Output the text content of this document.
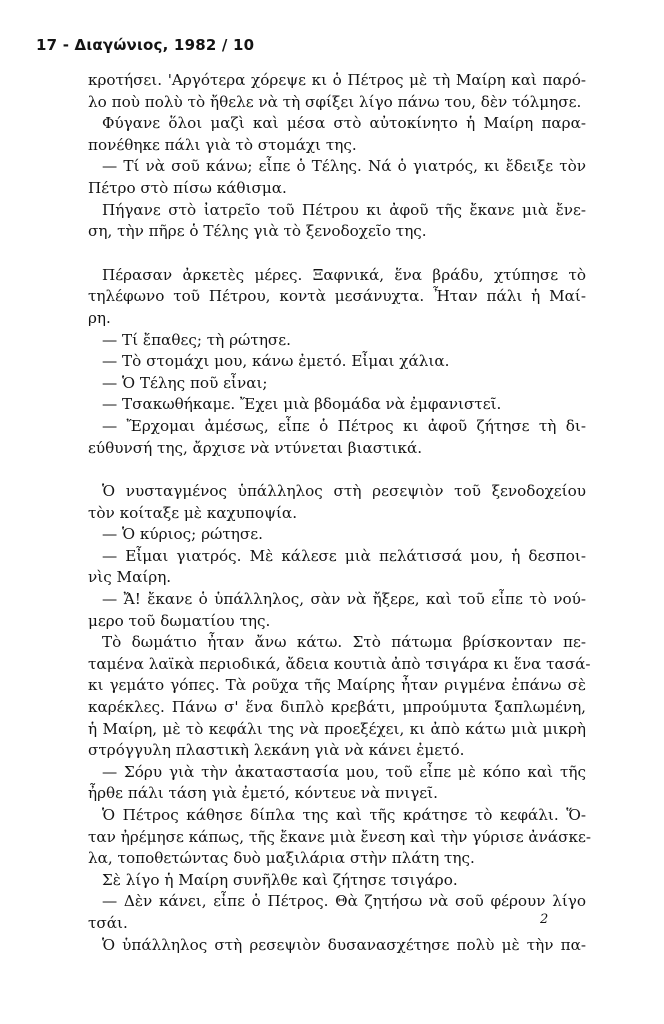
17 - Διαγώνιος, 1982 / 10
κροτήσει. 'Αργότερα χόρεψε κι ὁ Πέτρος μὲ τὴ Μαίρη καὶ παρό-
λο ποὺ πολὺ τὸ ἤθελε νὰ τὴ σφίξει λίγο πάνω του, δὲν τόλμησε.
Φύγανε ὅλοι μαζὶ καὶ μέσα στὸ αὐτοκίνητο ἡ Μαίρη παρα-
πονέθηκε πάλι γιὰ τὸ στομάχι της.
— Τί νὰ σοῦ κάνω; εἶπε ὁ Τέλης. Νά ὁ γιατρός, κι ἔδειξε τὸν
Πέτρο στὸ πίσω κάθισμα.
Πήγανε στὸ ἰατρεῖο τοῦ Πέτρου κι ἀφοῦ τῆς ἔκανε μιὰ ἔνε-
ση, τὴν πῆρε ὁ Τέλης γιὰ τὸ ξενοδοχεῖο της.
Πέρασαν ἀρκετὲς μέρες. Ξαφνικά, ἕνα βράδυ, χτύπησε τὸ
τηλέφωνο τοῦ Πέτρου, κοντὰ μεσάνυχτα. Ἦταν πάλι ἡ Μαί-
ρη.
— Τί ἔπαθες; τὴ ρώτησε.
— Τὸ στομάχι μου, κάνω ἐμετό. Εἶμαι χάλια.
— Ὁ Τέλης ποῦ εἶναι;
— Τσακωθήκαμε. Ἔχει μιὰ βδομάδα νὰ ἐμφανιστεῖ.
— Ἔρχομαι ἀμέσως, εἶπε ὁ Πέτρος κι ἀφοῦ ζήτησε τὴ δι-
εύθυνσή της, ἄρχισε νὰ ντύνεται βιαστικά.
Ὁ νυσταγμένος ὑπάλληλος στὴ ρεσεψιὸν τοῦ ξενοδοχείου
τὸν κοίταξε μὲ καχυποψία.
— Ὁ κύριος; ρώτησε.
— Εἶμαι γιατρός. Μὲ κάλεσε μιὰ πελάτισσά μου, ἡ δεσποι-
νὶς Μαίρη.
— Ἄ! ἔκανε ὁ ὑπάλληλος, σὰν νὰ ἤξερε, καὶ τοῦ εἶπε τὸ νού-
μερο τοῦ δωματίου της.
Τὸ δωμάτιο ἦταν ἄνω κάτω. Στὸ πάτωμα βρίσκονταν πε-
ταμένα λαϊκὰ περιοδικά, ἄδεια κουτιὰ ἀπὸ τσιγάρα κι ἕνα τασά-
κι γεμάτο γόπες. Τὰ ροῦχα τῆς Μαίρης ἦταν ριγμένα ἐπάνω σὲ
καρέκλες. Πάνω σ' ἕνα διπλὸ κρεβάτι, μπρούμυτα ξαπλωμένη,
ἡ Μαίρη, μὲ τὸ κεφάλι της νὰ προεξέχει, κι ἀπὸ κάτω μιὰ μικρὴ
στρόγγυλη πλαστικὴ λεκάνη γιὰ νὰ κάνει ἐμετό.
— Σόρυ γιὰ τὴν ἀκαταστασία μου, τοῦ εἶπε μὲ κόπο καὶ τῆς
ἦρθε πάλι τάση γιὰ ἐμετό, κόντευε νὰ πνιγεῖ.
Ὁ Πέτρος κάθησε δίπλα της καὶ τῆς κράτησε τὸ κεφάλι. Ὅ-
ταν ἠρέμησε κάπως, τῆς ἔκανε μιὰ ἔνεση καὶ τὴν γύρισε ἀνάσκε-
λα, τοποθετώντας δυὸ μαξιλάρια στὴν πλάτη της.
Σὲ λίγο ἡ Μαίρη συνῆλθε καὶ ζήτησε τσιγάρο.
— Δὲν κάνει, εἶπε ὁ Πέτρος. Θὰ ζητήσω νὰ σοῦ φέρουν λίγο
τσάι.
Ὁ ὑπάλληλος στὴ ρεσεψιὸν δυσανασχέτησε πολὺ μὲ τὴν πα-
2
